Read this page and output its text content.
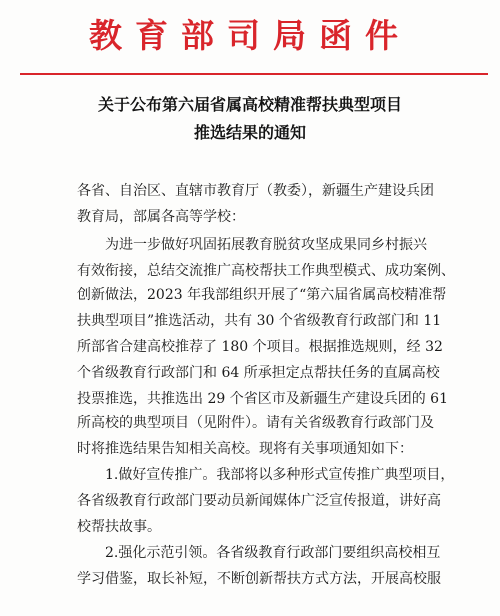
教育部司局函件
关于公布第六届省属高校精准帮扶典型项目
推选结果的通知
各省、自治区、直辖市教育厅（教委），新疆生产建设兵团
教育局，部属各高等学校：
　　为进一步做好巩固拓展教育脱贫攻坚成果同乡村振兴
有效衔接，总结交流推广高校帮扶工作典型模式、成功案例、
创新做法，2023 年我部组织开展了“第六届省属高校精准帮
扶典型项目”推选活动，共有 30 个省级教育行政部门和 11
所部省合建高校推荐了 180 个项目。根据推选规则，经 32
个省级教育行政部门和 64 所承担定点帮扶任务的直属高校
投票推选，共推选出 29 个省区市及新疆生产建设兵团的 61
所高校的典型项目（见附件）。请有关省级教育行政部门及
时将推选结果告知相关高校。现将有关事项通知如下：
　　1.做好宣传推广。我部将以多种形式宣传推广典型项目，
各省级教育行政部门要动员新闻媒体广泛宣传报道，讲好高
校帮扶故事。
　　2.强化示范引领。各省级教育行政部门要组织高校相互
学习借鉴，取长补短，不断创新帮扶方式方法，开展高校服
